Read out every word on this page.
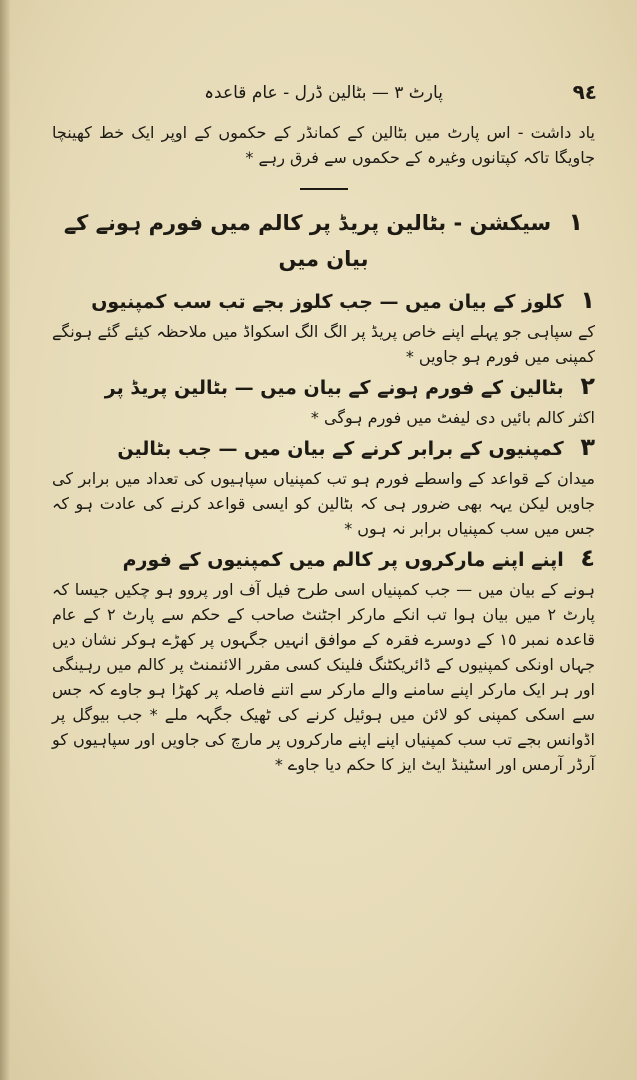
٩٤
پارٹ ٣ — بٹالین ڈرل - عام قاعدہ

یاد داشت - اس پارٹ میں بٹالین کے کمانڈر کے حکموں کے اوپر ایک خط کھینچا جاویگا تاکہ کپتانوں وغیرہ کے حکموں سے فرق رہے *

١ سیکشن - بٹالین پریڈ پر کالم میں فورم ہونے کے بیان میں

١ کلوز کے بیان میں — جب کلوز بجے تب سب کمپنیوں

کے سپاہی جو پہلے اپنے خاص پریڈ پر الگ الگ اسکواڈ میں ملاحظہ کیئے گئے ہونگے کمپنی میں فورم ہو جاویں *

٢ بٹالین کے فورم ہونے کے بیان میں — بٹالین پریڈ پر

اکثر کالم بائیں دی لیفٹ میں فورم ہوگی *

٣ کمپنیوں کے برابر کرنے کے بیان میں — جب بٹالین

میدان کے قواعد کے واسطے فورم ہو تب کمپنیاں سپاہیوں کی تعداد میں برابر کی جاویں لیکن یہہ بھی ضرور ہی کہ بٹالین کو ایسی قواعد کرنے کی عادت ہو کہ جس میں سب کمپنیاں برابر نہ ہوں *

٤ اپنے اپنے مارکروں پر کالم میں کمپنیوں کے فورم

ہونے کے بیان میں — جب کمپنیاں اسی طرح فیل آف اور پروو ہو چکیں جیسا کہ پارٹ ٢ میں بیان ہوا تب انکے مارکر اجٹنٹ صاحب کے حکم سے پارٹ ٢ کے عام قاعدہ نمبر ١٥ کے دوسرے فقرہ کے موافق انہیں جگہوں پر کھڑے ہوکر نشان دیں جہاں اونکی کمپنیوں کے ڈائریکٹنگ فلینک کسی مقرر الائنمنٹ پر کالم میں رہینگی اور ہر ایک مارکر اپنے سامنے والے مارکر سے اتنے فاصلہ پر کھڑا ہو جاوے کہ جس سے اسکی کمپنی کو لائن میں ہوئیل کرنے کی ٹھیک جگہہ ملے * جب بیوگل پر اڈوانس بجے تب سب کمپنیاں اپنے اپنے مارکروں پر مارچ کی جاویں اور سپاہیوں کو آرڈر آرمس اور اسٹینڈ ایٹ ایز کا حکم دیا جاوے *
